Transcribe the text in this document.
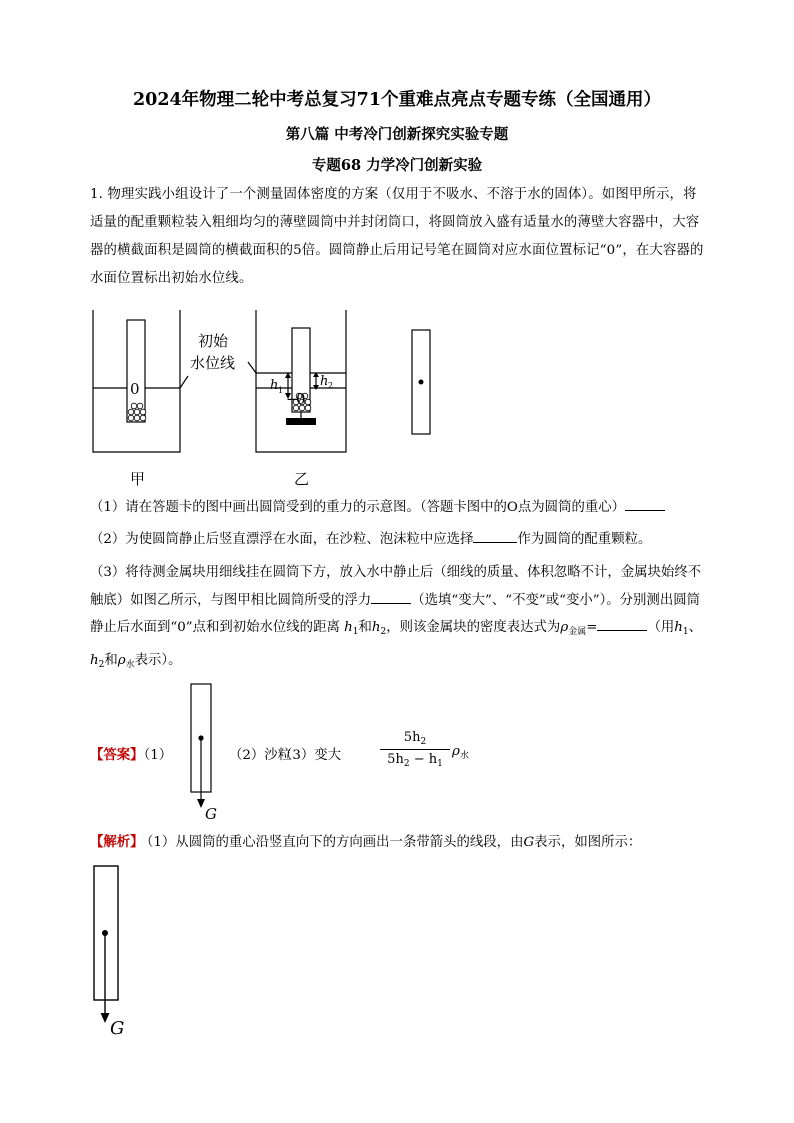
2024年物理二轮中考总复习71个重难点亮点专题专练（全国通用）
第八篇 中考冷门创新探究实验专题
专题68 力学冷门创新实验
1. 物理实践小组设计了一个测量固体密度的方案（仅用于不吸水、不溶于水的固体）。如图甲所示，将适量的配重颗粒装入粗细均匀的薄壁圆筒中并封闭筒口，将圆筒放入盛有适量水的薄壁大容器中，大容器的横截面积是圆筒的横截面积的5倍。圆筒静止后用记号笔在圆筒对应水面位置标记“0”，在大容器的水面位置标出初始水位线。
0
0
−
初始
水位线
h 1
h 2
甲	乙
（1）请在答题卡的图中画出圆筒受到的重力的示意图。（答题卡图中的O点为圆筒的重心）
（2）为使圆筒静止后竖直漂浮在水面，在沙粒、泡沫粒中应选择	作为圆筒的配重颗粒。
（3）将待测金属块用细线挂在圆筒下方，放入水中静止后（细线的质量、体积忽略不计，金属块始终不触底）如图乙所示，与图甲相比圆筒所受的浮力	（选填“变大”、“不变”或“变小”）。分别测出圆筒静止后水面到“0”点和到初始水位线的距离 $h_1$和$h_2$，则该金属块的密度表达式为$\rho_{金属}=$	（用$h_1$、$h_2$和$\rho_水$表示）。
【答案】（1）
G
（2）沙粒
（3）变大
$5h_2$
$5h_2 - h_1$
$\rho_水$
【解析】
（1）从圆筒的重心沿竖直向下的方向画出一条带箭头的线段，由G表示，如图所示：
G
